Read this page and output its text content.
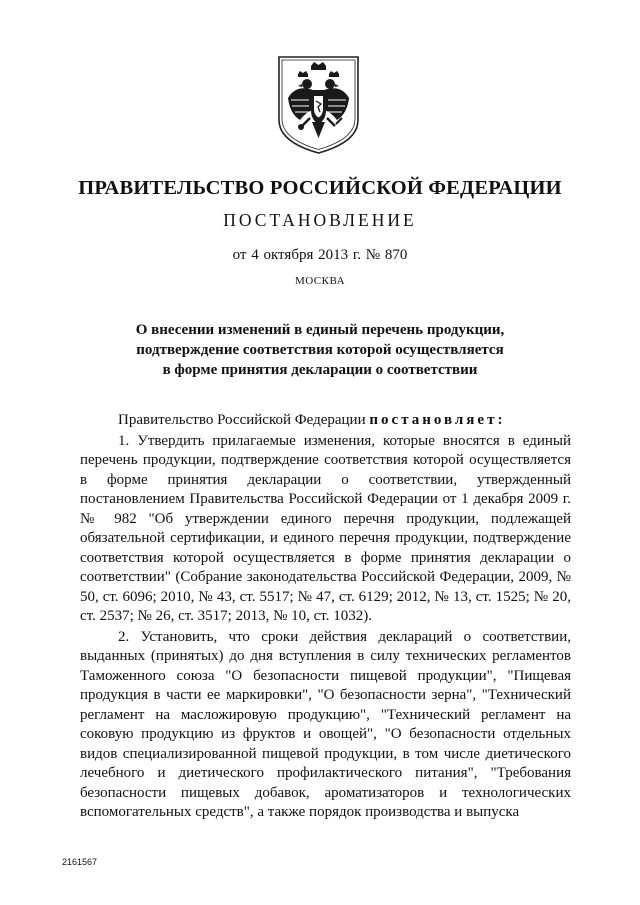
ПРАВИТЕЛЬСТВО РОССИЙСКОЙ ФЕДЕРАЦИИ
ПОСТАНОВЛЕНИЕ
от 4 октября 2013 г. № 870
МОСКВА
О внесении изменений в единый перечень продукции,
подтверждение соответствия которой осуществляется
в форме принятия декларации о соответствии

Правительство Российской Федерации постановляет:

1. Утвердить прилагаемые изменения, которые вносятся в единый перечень продукции, подтверждение соответствия которой осуществляется в форме принятия декларации о соответствии, утвержденный постановлением Правительства Российской Федерации от 1 декабря 2009 г. № 982 "Об утверждении единого перечня продукции, подлежащей обязательной сертификации, и единого перечня продукции, подтверждение соответствия которой осуществляется в форме принятия декларации о соответствии" (Собрание законодательства Российской Федерации, 2009, № 50, ст. 6096; 2010, № 43, ст. 5517; № 47, ст. 6129; 2012, № 13, ст. 1525; № 20, ст. 2537; № 26, ст. 3517; 2013, № 10, ст. 1032).

2. Установить, что сроки действия деклараций о соответствии, выданных (принятых) до дня вступления в силу технических регламентов Таможенного союза "О безопасности пищевой продукции", "Пищевая продукция в части ее маркировки", "О безопасности зерна", "Технический регламент на масложировую продукцию", "Технический регламент на соковую продукцию из фруктов и овощей", "О безопасности отдельных видов специализированной пищевой продукции, в том числе диетического лечебного и диетического профилактического питания", "Требования безопасности пищевых добавок, ароматизаторов и технологических вспомогательных средств", а также порядок производства и выпуска

2161567
